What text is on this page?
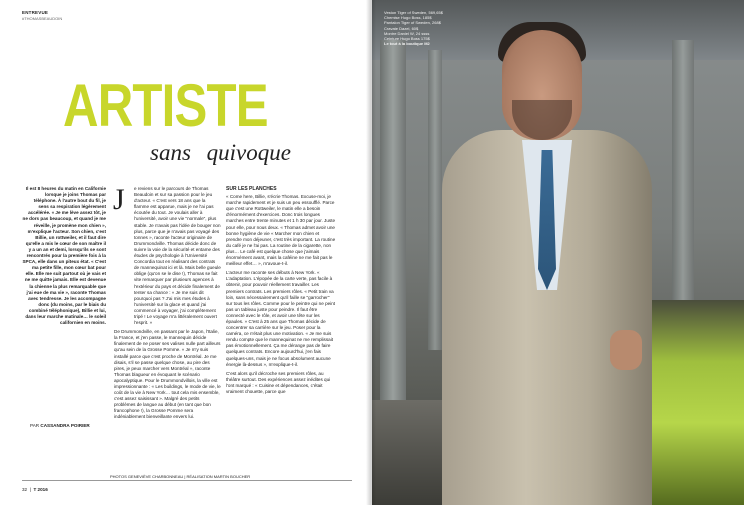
ENTREVUE
#THOMASBEAUDOIN
ARTISTE
sans quivoque

Il est 8 heures du matin en Californie lorsque je joins Thomas par téléphone. À l'autre bout du fil, je sens sa respiration légèrement accélérée. « Je me lève assez tôt, je ne dors pas beaucoup, et quand je me réveille, je promène mon chien », m'explique l'acteur. Son chien, c'est Billie, un rottweiler, et il faut dire qu'elle a mis le cœur de son maître il y a un an et demi, lorsqu'ils se sont rencontrés pour la première fois à la SPCA, elle dans un piteux état. « C'est ma petite fille, mon cœur bat pour elle. Elle me suit partout où je vais et ne me quitte jamais. Elle est devenue la chienne la plus remarquable que j'ai eue de ma vie », raconte Thomas avec tendresse. Je les accompagne donc (du moins, par le biais du combiné téléphonique), Billie et lui, dans leur marche matinale… le soleil californien en moins.

PAR CASSANDRA POIRIER
J e reviens sur le parcours de Thomas Beaudoin et sur sa passion pour le jeu d'acteur. « C'est vers 18 ans que la flamme est apparue, mais je ne l'ai pas écoutée du tout. Je voulais aller à l'université, avoir une vie "normale", plus stable. Je n'avais pas l'idée de bouger non plus, parce que je n'avais pas voyagé des tonnes », raconte l'acteur originaire de Drummondville. Thomas décide donc de suivre la voie de la sécurité et entame des études de psychologie à l'Université Concordia tout en réalisant des contrats de mannequinat ici et là. Mais belle gueule oblige (qu'on se le dise !), Thomas se fait vite remarquer par plusieurs agences à l'extérieur du pays et décide finalement de tenter sa chance : « Je me suis dit pourquoi pas ? J'ai mis mes études à l'université sur la glace et quand j'ai commencé à voyager, j'ai complètement tripé ! Le voyage m'a littéralement ouvert l'esprit. »

De Drummondville, en passant par le Japon, l'Italie, la France, et j'en passe, le mannequin décide finalement de ne poser ses valises nulle part ailleurs qu'au sein de la Grosse Pomme. « Je m'y suis installé parce que c'est proche de Montréal. Je me disais, s'il se passe quelque chose, au pire des pires, je peux marcher vers Montréal », raconte Thomas blagueur en évoquant le scénario apocalyptique. Pour le Drummondvillois, la ville est impressionnante : « Les buildings, le mode de vie, le coût de la vie à New York… tout cela mis ensemble, c'est assez saisissant ». Malgré des petits problèmes de langue au début (en tant que bon francophone !), la Grosse Pomme sera indéniablement bienveillante envers lui.

SUR LES PLANCHES

« Come here, Billie, s'écrie Thomas. Excuse-moi, je marche rapidement et je suis un peu essoufflé. Parce que c'est une Rottweiler, le matin elle a besoin d'énormément d'exercices. Donc trois longues marches entre trente minutes et 1 h 30 par jour. Juste pour elle, pour nous deux. « Thomas admet avoir une bonne hygiène de vie « Marcher mon chien et prendre mon déjeuner, c'est très important. La routine du café je ne l'ai pas. La routine de la cigarette, non plus… Le café est quelque chose que j'aimais énormément avant, mais la caféine ne me fait pas le meilleur effet… », m'avoue-t-il.

L'acteur me raconte ses débuts à New York. « L'adaptation. L'épopée de la carte verte, pas facile à obtenir, pour pouvoir réellement travailler. Les premiers contrats. Les premiers rôles. « Petit train va loin, sans nécessairement qu'il faille se "garrocher" sur tous les rôles. Comme pour le peintre qui ne peint pas un tableau juste pour peindre. Il faut être connecté avec le rôle, et avoir une tête sur les épaules. » C'est à 25 ans que Thomas décide de concentrer sa carrière sur le jeu. Poser pour la caméra, ce n'était plus une motivation. « Je me suis rendu compte que le mannequinat ne me remplissait pas émotionnellement. Ça me dérange pas de faire quelques contrats. Encore aujourd'hui, j'en fais quelques-uns, mais je ne focus absolument aucune énergie là-dessus », m'explique-t-il.

C'est alors qu'il décroche ses premiers rôles, au théâtre surtout. Des expériences assez inédites qui l'ont marqué : « Cuisine et dépendances, c'était vraiment chouette, parce que

PHOTOS GENEVIÈVE CHARBONNEAU | RÉALISATION MARTIN BOUCHER
32  |  T 2016
Veston Tiger of Sweden, 569,65$
Chemise Hugo Boss, 185$
Pantalon Tiger of Sweden, 268$
Cravate Dazel, 60$
Montre Daniel W, 24 ssss
Ceinture Hugo Boss 175$
Le tout à la boutique M2
